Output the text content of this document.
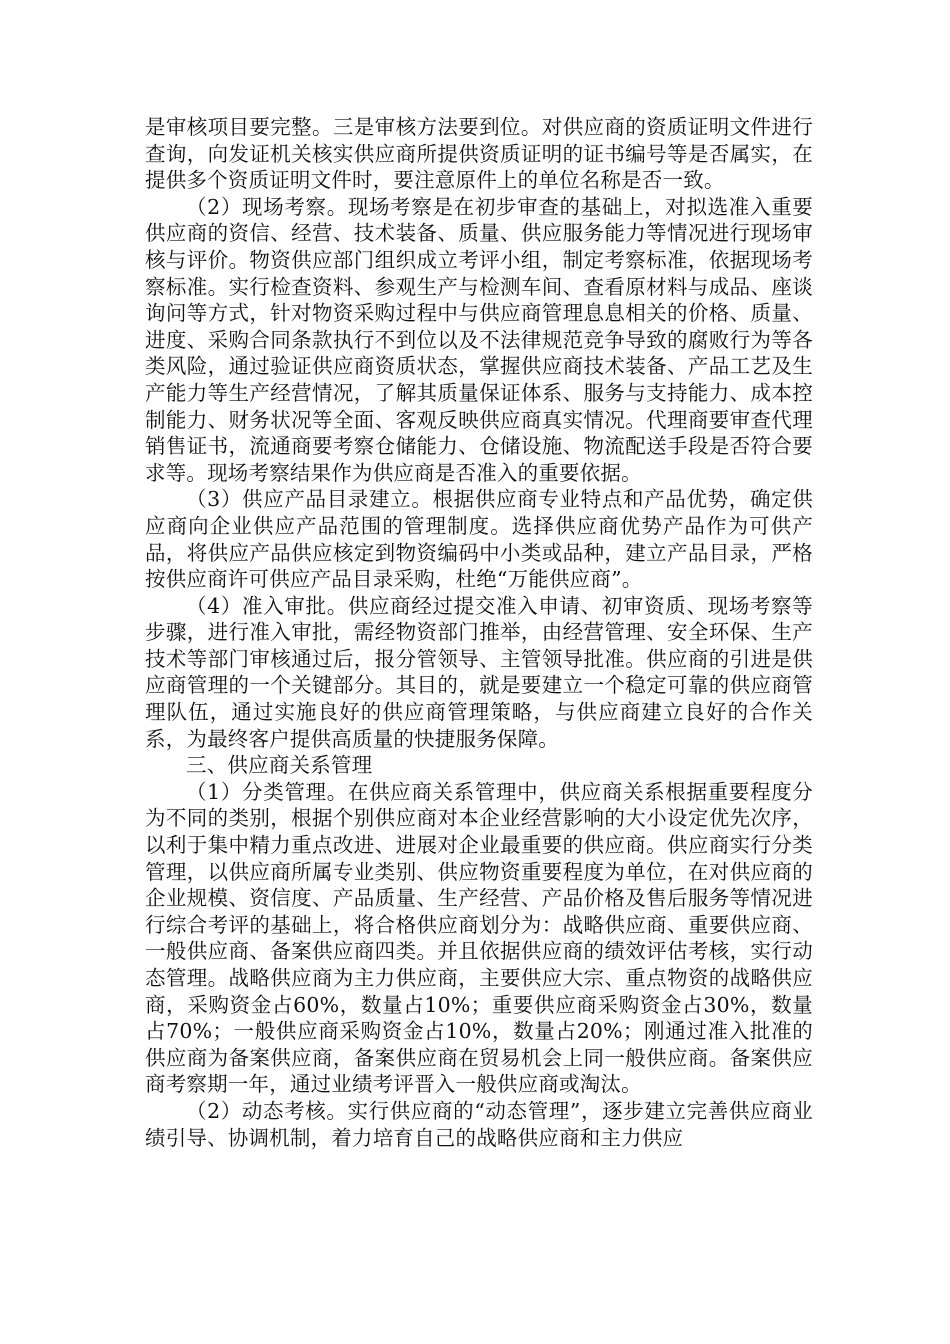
是审核项目要完整。三是审核方法要到位。对供应商的资质证明文件进行查询，向发证机关核实供应商所提供资质证明的证书编号等是否属实，在提供多个资质证明文件时，要注意原件上的单位名称是否一致。

（2）现场考察。现场考察是在初步审查的基础上，对拟选准入重要供应商的资信、经营、技术装备、质量、供应服务能力等情况进行现场审核与评价。物资供应部门组织成立考评小组，制定考察标准，依据现场考察标准。实行检查资料、参观生产与检测车间、查看原材料与成品、座谈询问等方式，针对物资采购过程中与供应商管理息息相关的价格、质量、进度、采购合同条款执行不到位以及不法律规范竞争导致的腐败行为等各类风险，通过验证供应商资质状态，掌握供应商技术装备、产品工艺及生产能力等生产经营情况，了解其质量保证体系、服务与支持能力、成本控制能力、财务状况等全面、客观反映供应商真实情况。代理商要审查代理销售证书，流通商要考察仓储能力、仓储设施、物流配送手段是否符合要求等。现场考察结果作为供应商是否准入的重要依据。

（3）供应产品目录建立。根据供应商专业特点和产品优势，确定供应商向企业供应产品范围的管理制度。选择供应商优势产品作为可供产品，将供应产品供应核定到物资编码中小类或品种，建立产品目录，严格按供应商许可供应产品目录采购，杜绝“万能供应商”。

（4）准入审批。供应商经过提交准入申请、初审资质、现场考察等步骤，进行准入审批，需经物资部门推举，由经营管理、安全环保、生产技术等部门审核通过后，报分管领导、主管领导批准。供应商的引进是供应商管理的一个关键部分。其目的，就是要建立一个稳定可靠的供应商管理队伍，通过实施良好的供应商管理策略，与供应商建立良好的合作关系，为最终客户提供高质量的快捷服务保障。

三、供应商关系管理

（1）分类管理。在供应商关系管理中，供应商关系根据重要程度分为不同的类别，根据个别供应商对本企业经营影响的大小设定优先次序，以利于集中精力重点改进、进展对企业最重要的供应商。供应商实行分类管理，以供应商所属专业类别、供应物资重要程度为单位，在对供应商的企业规模、资信度、产品质量、生产经营、产品价格及售后服务等情况进行综合考评的基础上，将合格供应商划分为：战略供应商、重要供应商、一般供应商、备案供应商四类。并且依据供应商的绩效评估考核，实行动态管理。战略供应商为主力供应商，主要供应大宗、重点物资的战略供应商，采购资金占60%，数量占10%；重要供应商采购资金占30%，数量占70%；一般供应商采购资金占10%，数量占20%；刚通过准入批准的供应商为备案供应商，备案供应商在贸易机会上同一般供应商。备案供应商考察期一年，通过业绩考评晋入一般供应商或淘汰。

（2）动态考核。实行供应商的“动态管理”，逐步建立完善供应商业绩引导、协调机制，着力培育自己的战略供应商和主力供应
